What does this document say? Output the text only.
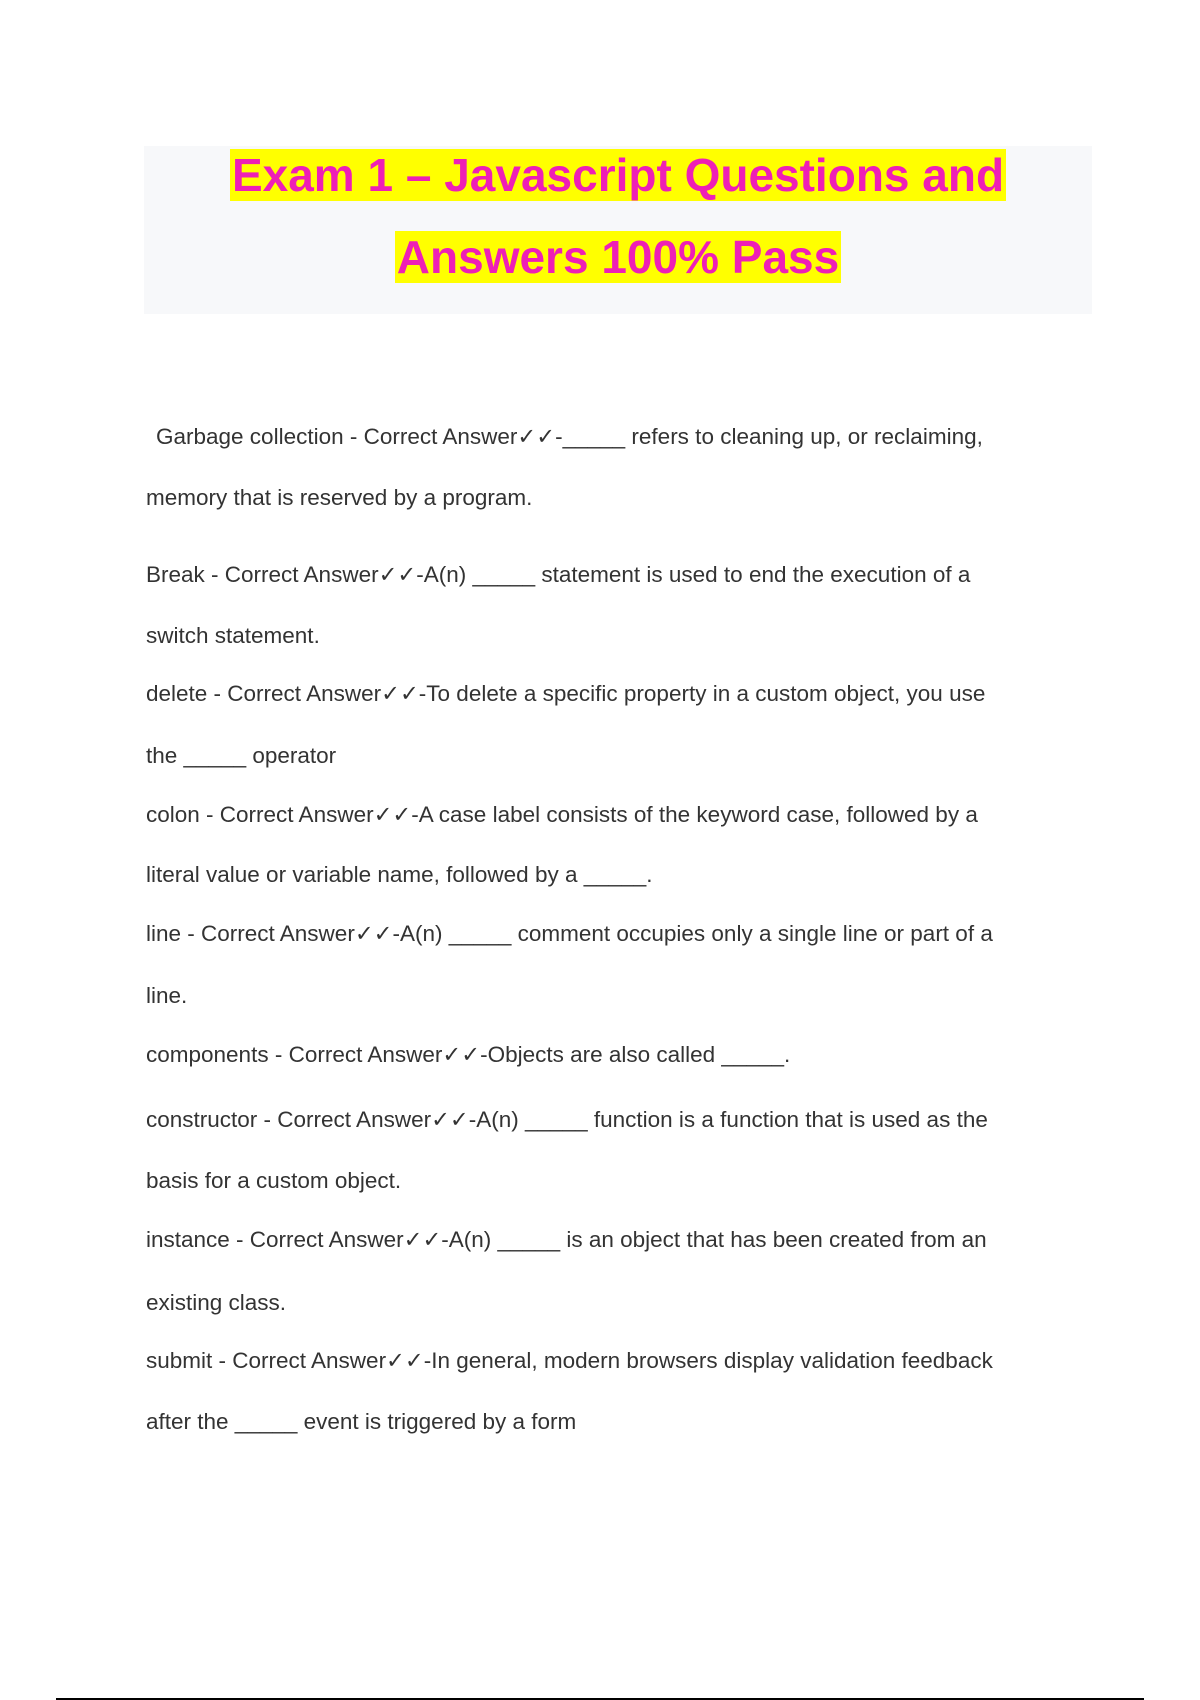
Exam 1 – Javascript Questions and
Answers 100% Pass
Garbage collection - Correct Answer✓✓-_____ refers to cleaning up, or reclaiming,
memory that is reserved by a program.
Break - Correct Answer✓✓-A(n) _____ statement is used to end the execution of a
switch statement.
delete - Correct Answer✓✓-To delete a specific property in a custom object, you use
the _____ operator
colon - Correct Answer✓✓-A case label consists of the keyword case, followed by a
literal value or variable name, followed by a _____.
line - Correct Answer✓✓-A(n) _____ comment occupies only a single line or part of a
line.
components - Correct Answer✓✓-Objects are also called _____.
constructor - Correct Answer✓✓-A(n) _____ function is a function that is used as the
basis for a custom object.
instance - Correct Answer✓✓-A(n) _____ is an object that has been created from an
existing class.
submit - Correct Answer✓✓-In general, modern browsers display validation feedback
after the _____ event is triggered by a form
